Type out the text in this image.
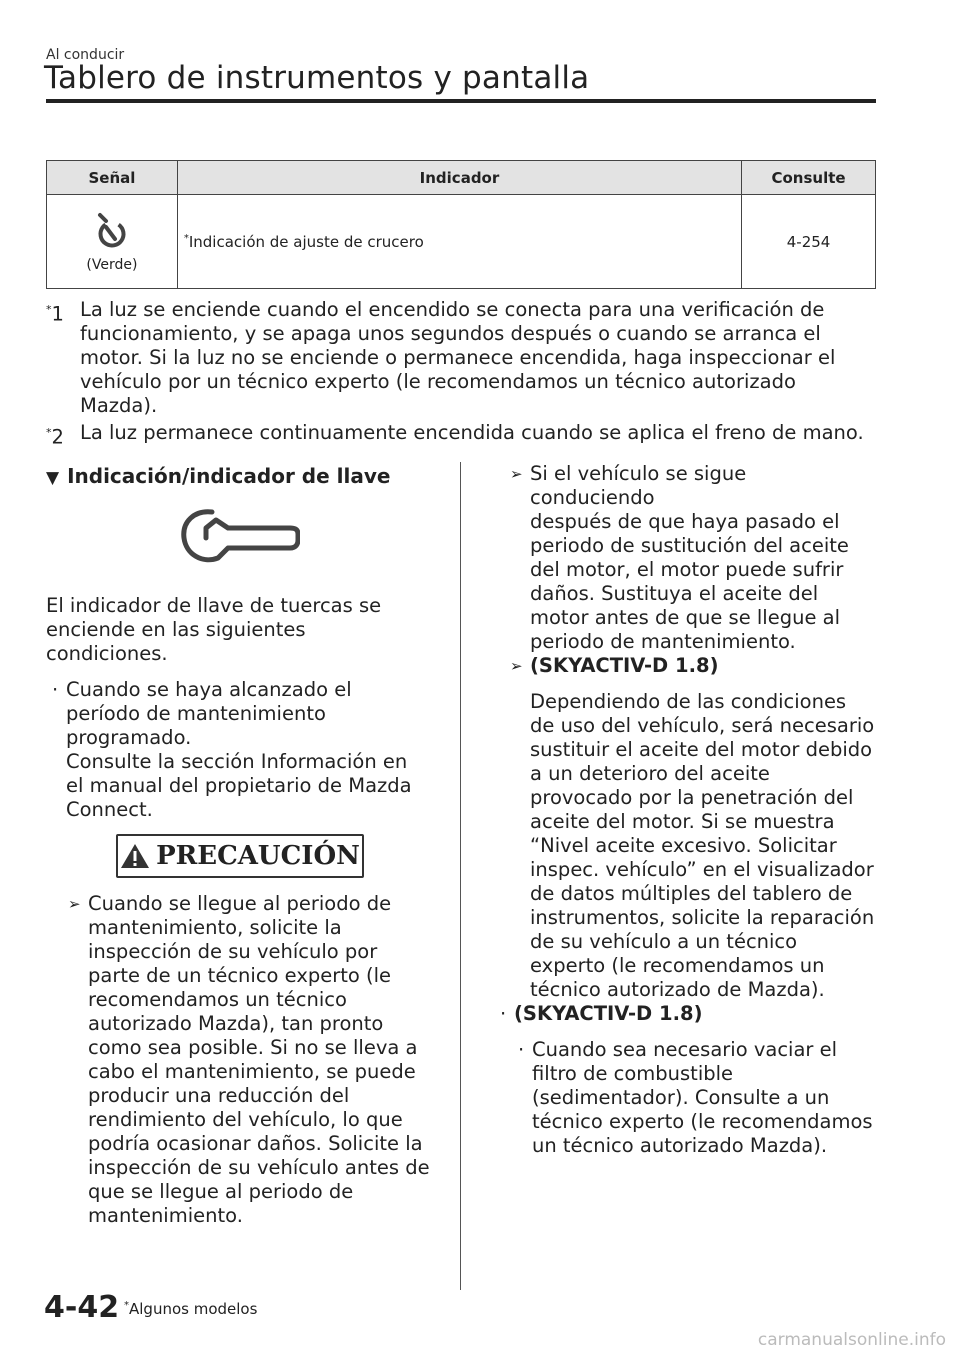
Al conducir
Tablero de instrumentos y pantalla
Señal	Indicador	Consulte

(Verde)	*Indicación de ajuste de crucero	4-254
*1 La luz se enciende cuando el encendido se conecta para una verificación de
funcionamiento, y se apaga unos segundos después o cuando se arranca el
motor. Si la luz no se enciende o permanece encendida, haga inspeccionar el
vehículo por un técnico experto (le recomendamos un técnico autorizado
Mazda).
*2 La luz permanece continuamente encendida cuando se aplica el freno de mano.
▼ Indicación/indicador de llave
El indicador de llave de tuercas se
enciende en las siguientes
condiciones.
· Cuando se haya alcanzado el
período de mantenimiento
programado.
Consulte la sección Información en
el manual del propietario de Mazda
Connect.
PRECAUCIÓN
➢ Cuando se llegue al periodo de
mantenimiento, solicite la
inspección de su vehículo por
parte de un técnico experto (le
recomendamos un técnico
autorizado Mazda), tan pronto
como sea posible. Si no se lleva a
cabo el mantenimiento, se puede
producir una reducción del
rendimiento del vehículo, lo que
podría ocasionar daños. Solicite la
inspección de su vehículo antes de
que se llegue al periodo de
mantenimiento.
➢ Si el vehículo se sigue conduciendo
después de que haya pasado el
periodo de sustitución del aceite
del motor, el motor puede sufrir
daños. Sustituya el aceite del
motor antes de que se llegue al
periodo de mantenimiento.
➢ (SKYACTIV-D 1.8)
Dependiendo de las condiciones
de uso del vehículo, será necesario
sustituir el aceite del motor debido
a un deterioro del aceite
provocado por la penetración del
aceite del motor. Si se muestra
“Nivel aceite excesivo. Solicitar
inspec. vehículo” en el visualizador
de datos múltiples del tablero de
instrumentos, solicite la reparación
de su vehículo a un técnico
experto (le recomendamos un
técnico autorizado de Mazda).
· (SKYACTIV-D 1.8)
· Cuando sea necesario vaciar el
filtro de combustible
(sedimentador). Consulte a un
técnico experto (le recomendamos
un técnico autorizado Mazda).
4-42 *Algunos modelos
carmanualsonline.info
